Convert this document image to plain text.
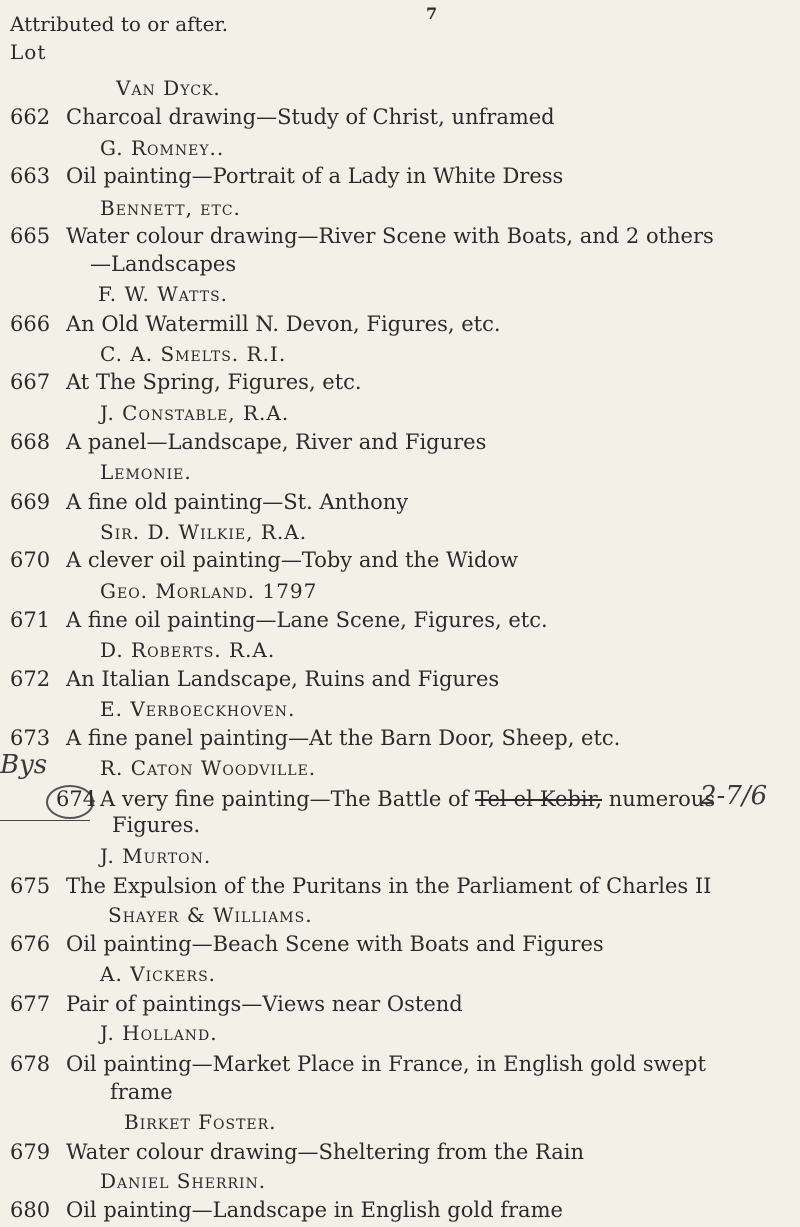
Attributed to or after.	7
Lot
Van Dyck.
662 Charcoal drawing—Study of Christ, unframed
G. Romney..
663 Oil painting—Portrait of a Lady in White Dress
Bennett, etc.
665 Water colour drawing—River Scene with Boats, and 2 others
—Landscapes
F. W. Watts.
666 An Old Watermill N. Devon, Figures, etc.
C. A. Smelts. R.I.
667 At The Spring, Figures, etc.
J. Constable, R.A.
668 A panel—Landscape, River and Figures
Lemonie.
669 A fine old painting—St. Anthony
Sir. D. Wilkie, R.A.
670 A clever oil painting—Toby and the Widow
Geo. Morland. 1797
671 A fine oil painting—Lane Scene, Figures, etc.
D. Roberts. R.A.
672 An Italian Landscape, Ruins and Figures
E. Verboeckhoven.
673 A fine panel painting—At the Barn Door, Sheep, etc.
R. Caton Woodville.
Bys
674 A very fine painting—The Battle of Tel-el-Kebir, numerous
2-7/6
Figures.
J. Murton.
675 The Expulsion of the Puritans in the Parliament of Charles II
Shayer & Williams.
676 Oil painting—Beach Scene with Boats and Figures
A. Vickers.
677 Pair of paintings—Views near Ostend
J. Holland.
678 Oil painting—Market Place in France, in English gold swept
frame
Birket Foster.
679 Water colour drawing—Sheltering from the Rain
Daniel Sherrin.
680 Oil painting—Landscape in English gold frame
